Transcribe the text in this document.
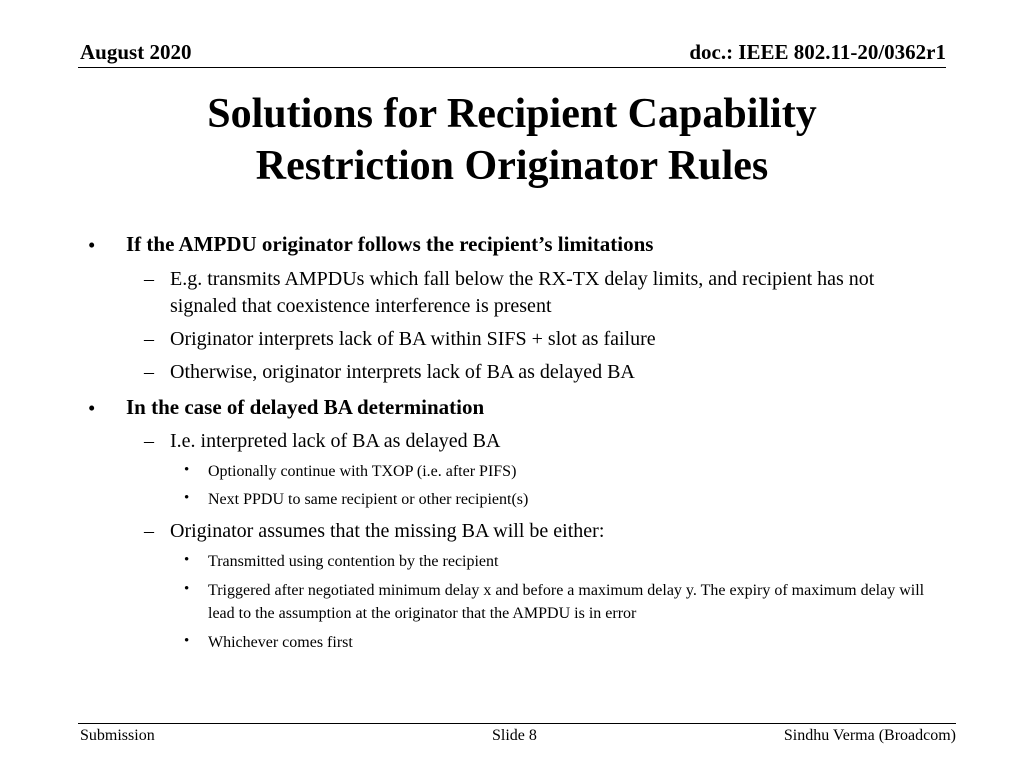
August 2020	doc.: IEEE 802.11-20/0362r1
Solutions for Recipient Capability
Restriction Originator Rules
• If the AMPDU originator follows the recipient’s limitations
– E.g. transmits AMPDUs which fall below the RX-TX delay limits, and recipient has not signaled that coexistence interference is present
– Originator interprets lack of BA within SIFS + slot as failure
– Otherwise, originator interprets lack of BA as delayed BA
• In the case of delayed BA determination
– I.e. interpreted lack of BA as delayed BA
• Optionally continue with TXOP (i.e. after PIFS)
• Next PPDU to same recipient or other recipient(s)
– Originator assumes that the missing BA will be either:
• Transmitted using contention by the recipient
• Triggered after negotiated minimum delay x and before a maximum delay y. The expiry of maximum delay will lead to the assumption at the originator that the AMPDU is in error
• Whichever comes first
Submission	Slide 8	Sindhu Verma (Broadcom)
